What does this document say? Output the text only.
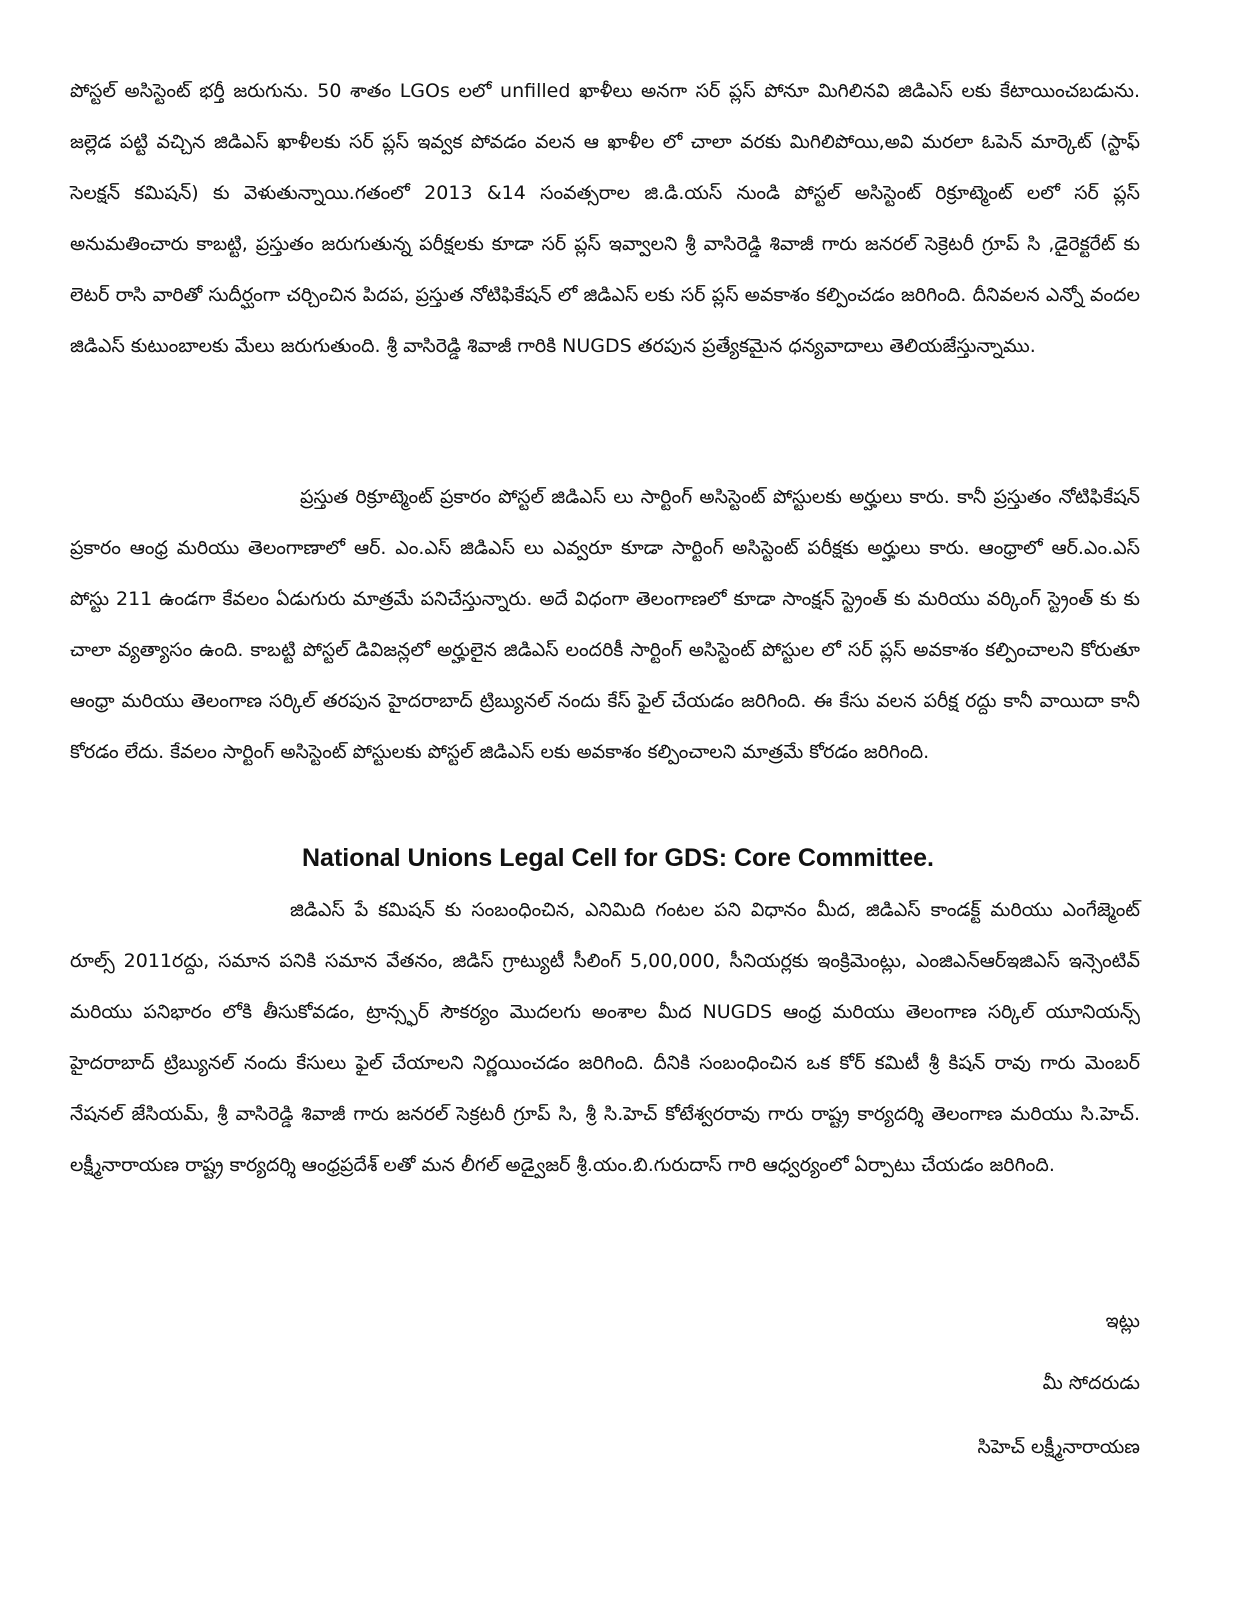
పోస్టల్ అసిస్టెంట్ భర్తీ జరుగును. 50 శాతం LGOs లలో unfilled ఖాళీలు అనగా సర్ ప్లస్ పోనూ మిగిలినవి జిడిఎస్ లకు కేటాయించబడును. జల్లెడ పట్టి వచ్చిన జిడిఎస్ ఖాళీలకు సర్ ప్లస్ ఇవ్వక పోవడం వలన ఆ ఖాళీల లో చాలా వరకు మిగిలిపోయి,అవి మరలా ఓపెన్ మార్కెట్ (స్టాఫ్ సెలక్షన్ కమిషన్) కు వెళుతున్నాయి.గతంలో 2013 &14 సంవత్సరాల జి.డి.యస్ నుండి పోస్టల్ అసిస్టెంట్ రిక్రూట్మెంట్ లలో సర్ ప్లస్ అనుమతించారు కాబట్టి, ప్రస్తుతం జరుగుతున్న పరీక్షలకు కూడా సర్ ప్లస్ ఇవ్వాలని శ్రీ వాసిరెడ్డి శివాజీ గారు జనరల్ సెక్రెటరీ గ్రూప్ సి ,డైరెక్టరేట్ కు లెటర్ రాసి వారితో సుదీర్ఘంగా చర్చించిన పిదప, ప్రస్తుత నోటిఫికేషన్ లో జిడిఎస్ లకు సర్ ప్లస్ అవకాశం కల్పించడం జరిగింది. దీనివలన ఎన్నో వందల జిడిఎస్ కుటుంబాలకు మేలు జరుగుతుంది. శ్రీ వాసిరెడ్డి శివాజీ గారికి NUGDS తరపున ప్రత్యేకమైన ధన్యవాదాలు తెలియజేస్తున్నాము.
ప్రస్తుత రిక్రూట్మెంట్ ప్రకారం పోస్టల్ జిడిఎస్ లు సార్టింగ్ అసిస్టెంట్ పోస్టులకు అర్హులు కారు. కానీ ప్రస్తుతం నోటిఫికేషన్ ప్రకారం ఆంధ్ర మరియు తెలంగాణాలో ఆర్. ఎం.ఎస్ జిడిఎస్ లు ఎవ్వరూ కూడా సార్టింగ్ అసిస్టెంట్ పరీక్షకు అర్హులు కారు. ఆంధ్రాలో ఆర్.ఎం.ఎస్ పోస్టు 211 ఉండగా కేవలం ఏడుగురు మాత్రమే పనిచేస్తున్నారు. అదే విధంగా తెలంగాణలో కూడా సాంక్షన్ స్ట్రెంత్ కు మరియు వర్కింగ్ స్ట్రెంత్ కు కు చాలా వ్యత్యాసం ఉంది. కాబట్టి పోస్టల్ డివిజన్లలో అర్హులైన జిడిఎస్ లందరికీ సార్టింగ్ అసిస్టెంట్ పోస్టుల లో సర్ ప్లస్ అవకాశం కల్పించాలని కోరుతూ ఆంధ్రా మరియు తెలంగాణ సర్కిల్ తరపున హైదరాబాద్ ట్రిబ్యునల్ నందు కేస్ ఫైల్ చేయడం జరిగింది. ఈ కేసు వలన పరీక్ష రద్దు కానీ వాయిదా కానీ కోరడం లేదు. కేవలం సార్టింగ్ అసిస్టెంట్ పోస్టులకు పోస్టల్ జిడిఎస్ లకు అవకాశం కల్పించాలని మాత్రమే కోరడం జరిగింది.
National Unions Legal Cell for GDS: Core Committee.
జిడిఎస్ పే కమిషన్ కు సంబంధించిన, ఎనిమిది గంటల పని విధానం మీద, జిడిఎస్ కాండక్ట్ మరియు ఎంగేజ్మెంట్ రూల్స్ 2011రద్దు, సమాన పనికి సమాన వేతనం, జిడిస్ గ్రాట్యుటీ సీలింగ్ 5,00,000, సీనియర్లకు ఇంక్రిమెంట్లు, ఎంజిఎన్ఆర్ఇజిఎస్ ఇన్సెంటివ్ మరియు పనిభారం లోకి తీసుకోవడం, ట్రాన్స్ఫర్ సౌకర్యం మొదలగు అంశాల మీద NUGDS ఆంధ్ర మరియు తెలంగాణ సర్కిల్ యూనియన్స్ హైదరాబాద్ ట్రిబ్యునల్ నందు కేసులు ఫైల్ చేయాలని నిర్ణయించడం జరిగింది. దీనికి సంబంధించిన ఒక కోర్ కమిటీ శ్రీ కిషన్ రావు గారు మెంబర్ నేషనల్ జేసియమ్, శ్రీ వాసిరెడ్డి శివాజీ గారు జనరల్ సెక్రటరీ గ్రూప్ సి, శ్రీ సి.హెచ్ కోటేశ్వరరావు గారు రాష్ట్ర కార్యదర్శి తెలంగాణ మరియు సి.హెచ్. లక్ష్మీనారాయణ రాష్ట్ర కార్యదర్శి ఆంధ్రప్రదేశ్ లతో మన లీగల్ అడ్వైజర్ శ్రీ.యం.బి.గురుదాస్ గారి ఆధ్వర్యంలో ఏర్పాటు చేయడం జరిగింది.
ఇట్లు
మీ సోదరుడు
సిహెచ్ లక్ష్మీనారాయణ
